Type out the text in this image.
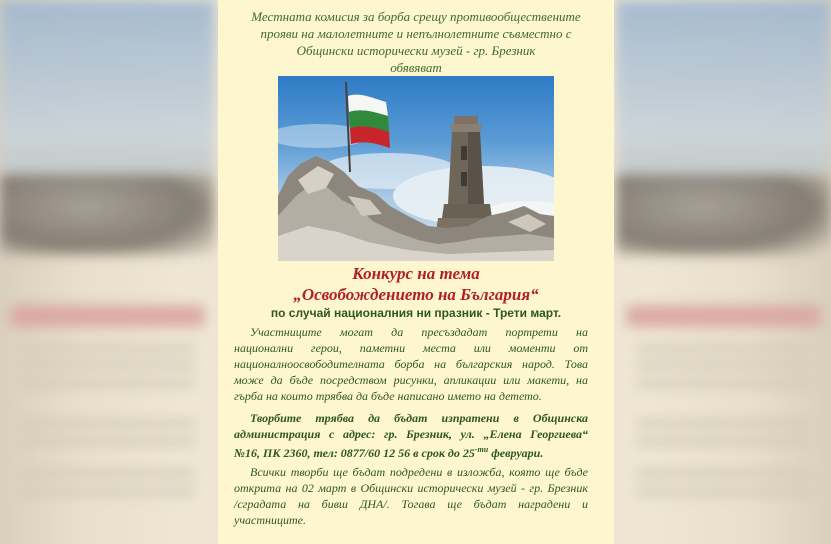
Местната комисия за борба срещу противообществените
прояви на малолетните и непълнолетните съвместно с
Общински исторически музей - гр. Брезник
обявяват
Конкурс на тема
„Освобождението на България“
по случай националния ни празник - Трети март.
Участниците могат да пресъздадат портрети на
национални герои, паметни места или моменти от
националноосвободителната борба на българския народ. Това
може да бъде посредством рисунки, апликации или макети, на
гърба на които трябва да бъде написано името на детето.
Творбите трябва да бъдат изпратени в Общинска
администрация с адрес: гр. Брезник, ул. „Елена Георгиева“
№16, ПК 2360, тел: 0877/60 12 56 в срок до $25^{-ти}$ февруари.
Всички творби ще бъдат подредени в изложба, която ще бъде
открита на 02 март в Общински исторически музей - гр. Брезник
/сградата на бивш ДНА/. Тогава ще бъдат наградени и
участниците.
